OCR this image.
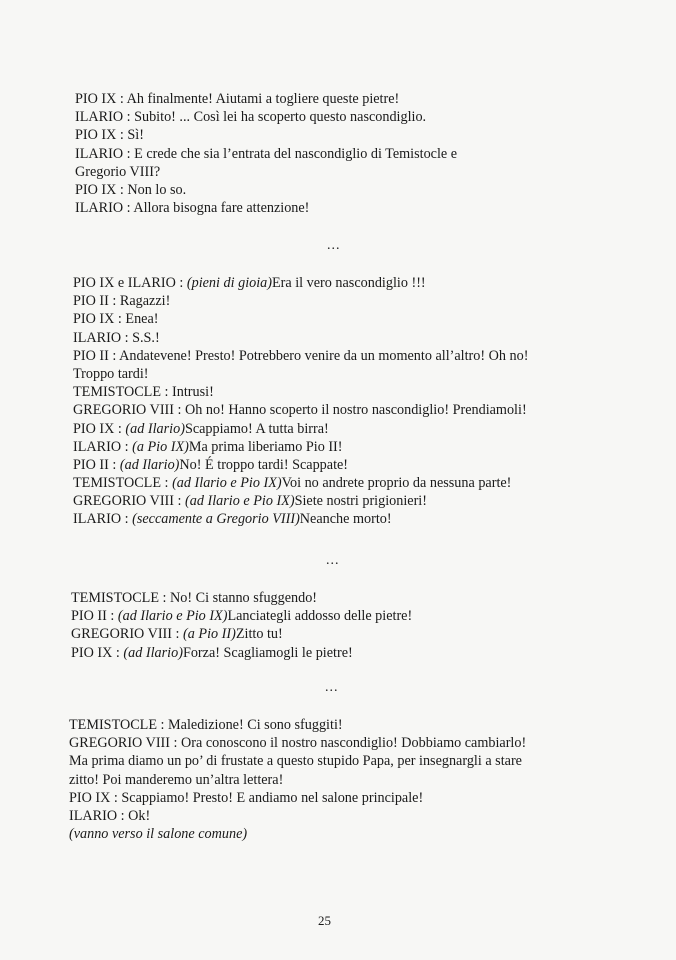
PIO IX : Ah finalmente! Aiutami a togliere queste pietre!
ILARIO : Subito! ... Così lei ha scoperto questo nascondiglio.
PIO IX : Sì!
ILARIO : E crede che sia l’entrata del nascondiglio di Temistocle e
Gregorio VIII?
PIO IX : Non lo so.
ILARIO : Allora bisogna fare attenzione!
...
PIO IX e ILARIO : (pieni di gioia)Era il vero nascondiglio !!!
PIO II : Ragazzi!
PIO IX : Enea!
ILARIO : S.S.!
PIO II : Andatevene! Presto! Potrebbero venire da un momento all’altro! Oh no!
Troppo tardi!
TEMISTOCLE : Intrusi!
GREGORIO VIII : Oh no! Hanno scoperto il nostro nascondiglio! Prendiamoli!
PIO IX : (ad Ilario)Scappiamo! A tutta birra!
ILARIO : (a Pio IX)Ma prima liberiamo Pio II!
PIO II : (ad Ilario)No! É troppo tardi! Scappate!
TEMISTOCLE : (ad Ilario e Pio IX)Voi no andrete proprio da nessuna parte!
GREGORIO VIII : (ad Ilario e Pio IX)Siete nostri prigionieri!
ILARIO : (seccamente a Gregorio VIII)Neanche morto!
...
TEMISTOCLE : No! Ci stanno sfuggendo!
PIO II : (ad Ilario e Pio IX)Lanciategli addosso delle pietre!
GREGORIO VIII : (a Pio II)Zitto tu!
PIO IX : (ad Ilario)Forza! Scagliamogli le pietre!
...
TEMISTOCLE : Maledizione! Ci sono sfuggiti!
GREGORIO VIII : Ora conoscono il nostro nascondiglio! Dobbiamo cambiarlo!
Ma prima diamo un po’ di frustate a questo stupido Papa, per insegnargli a stare
zitto! Poi manderemo un’altra lettera!
PIO IX : Scappiamo! Presto! E andiamo nel salone principale!
ILARIO : Ok!
(vanno verso il salone comune)
25
